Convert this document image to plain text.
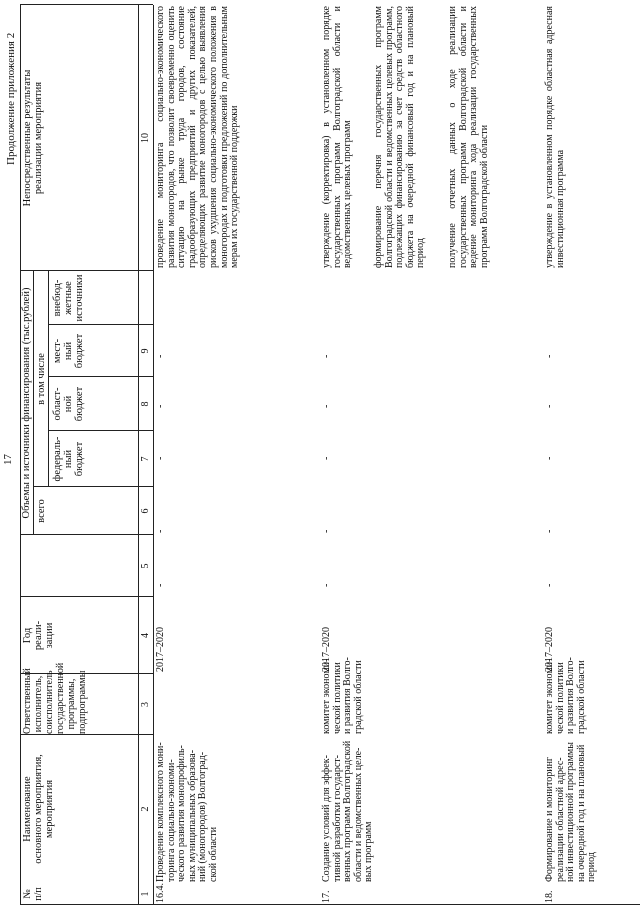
17
Продолжение приложения 2
№
п/п
Наименование
основного мероприятия,
мероприятия
Ответственный
исполнитель,
соисполнитель
государственной
программы,
подпрограммы
Год
реали-
зации
Объемы и источники финансирования (тыс.рублей) всего
в том числе
федераль-
ный
бюджет
област-
ной
бюджет
мест-
ный
бюджет
внебюд-
жетные
источники
Непосредственные результаты
реализации мероприятия
1
2
3
4
5
6
7
8
9
10
16.4.
Проведение комплексного мони-
торинга социально-экономи-
ческого развития монопрофиль-
ных муниципальных образова-
ний (моногородов) Волгоград-
ской области
2017–2020
-
-
-
-
-
проведение мониторинга социально-экономического развития моногородов, что позволит своевременно оценить ситуацию на рынке труда городов, состояние градообразующих предприятий и других показателей, определяющих развитие моногородов с целью выявления рисков ухудшения социально-экономического положения в моногородах и подготовки предложений по дополнительным мерам их государственной поддержки
17.
Создание условий для эффек-
тивной разработки государст-
венных программ Волгоградской
области и ведомственных целе-
вых программ
комитет экономи-
ческой политики
и развития Волго-
градской области
2017–2020
-
-
-
-
-
утверждение (корректировка) в установленном порядке государственных программ Волгоградской области и ведомственных целевых программ формирование перечня государственных программ Волгоградской области и ведомственных целевых программ, подлежащих финансированию за счет средств областного бюджета на очередной финансовый год и на плановый период получение отчетных данных о ходе реализации государственных программ Волгоградской области и ведение мониторинга хода реализации государственных программ Волгоградской области
18.
Формирование и мониторинг
реализации областной адрес-
ной инвестиционной программы
на очередной год и на плановый
период
комитет экономи-
ческой политики
и развития Волго-
градской области
2017–2020
-
-
-
-
-
утверждение в установленном порядке областная адресная инвестиционная программа
